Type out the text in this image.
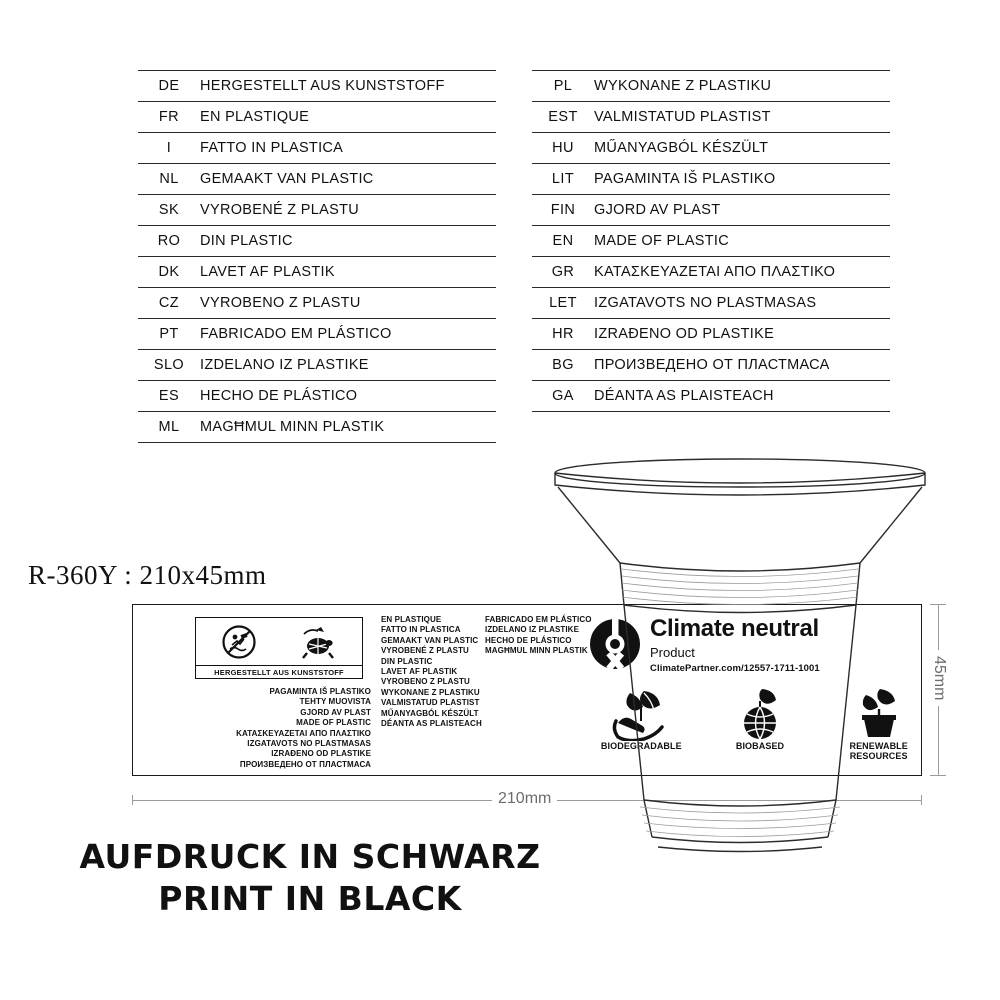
DE	HERGESTELLT AUS KUNSTSTOFF
FR	EN PLASTIQUE
I	FATTO IN PLASTICA
NL	GEMAAKT VAN PLASTIC
SK	VYROBENÉ Z PLASTU
RO	DIN PLASTIC
DK	LAVET AF PLASTIK
CZ	VYROBENO Z PLASTU
PT	FABRICADO EM PLÁSTICO
SLO	IZDELANO IZ PLASTIKE
ES	HECHO DE PLÁSTICO
ML	MAGĦMUL MINN PLASTIK
PL	WYKONANE Z PLASTIKU
EST	VALMISTATUD PLASTIST
HU	MŰANYAGBÓL KÉSZÜLT
LIT	PAGAMINTA IŠ PLASTIKO
FIN	GJORD AV PLAST
EN	MADE OF PLASTIC
GR	ΚΑΤΑΣΚΕΥΑΖΕΤΑΙ ΑΠΟ ΠΛΑΣΤΙΚΟ
LET	IZGATAVOTS NO PLASTMASAS
HR	IZRAĐENO OD PLASTIKE
BG	ПРОИЗВЕДЕНО ОТ ПЛАСТМАСА
GA	DÉANTA AS PLAISTEACH
R-360Y : 210x45mm
HERGESTELLT AUS KUNSTSTOFF
PAGAMINTA IŠ PLASTIKO
TEHTY MUOVISTA
GJORD AV PLAST
MADE OF PLASTIC
ΚΑΤΑΣΚΕΥΑΖΕΤΑΙ ΑΠΟ ΠΛΑΣΤΙΚΟ
IZGATAVOTS NO PLASTMASAS
IZRAĐENO OD PLASTIKE
ПРОИЗВЕДЕНО ОТ ПЛАСТМАСА
EN PLASTIQUE
FATTO IN PLASTICA
GEMAAKT VAN PLASTIC
VYROBENÉ Z PLASTU
DIN PLASTIC
LAVET AF PLASTIK
VYROBENO Z PLASTU
WYKONANE Z PLASTIKU
VALMISTATUD PLASTIST
MŰANYAGBÓL KÉSZÜLT
DÉANTA AS PLAISTEACH
FABRICADO EM PLÁSTICO
IZDELANO IZ PLASTIKE
HECHO DE PLÁSTICO
MAGĦMUL MINN PLASTIK
Climate neutral
Product
ClimatePartner.com/12557-1711-1001
BIODEGRADABLE	BIOBASED	RENEWABLE
RESOURCES
210mm
45mm
AUFDRUCK IN SCHWARZ
PRINT IN BLACK
